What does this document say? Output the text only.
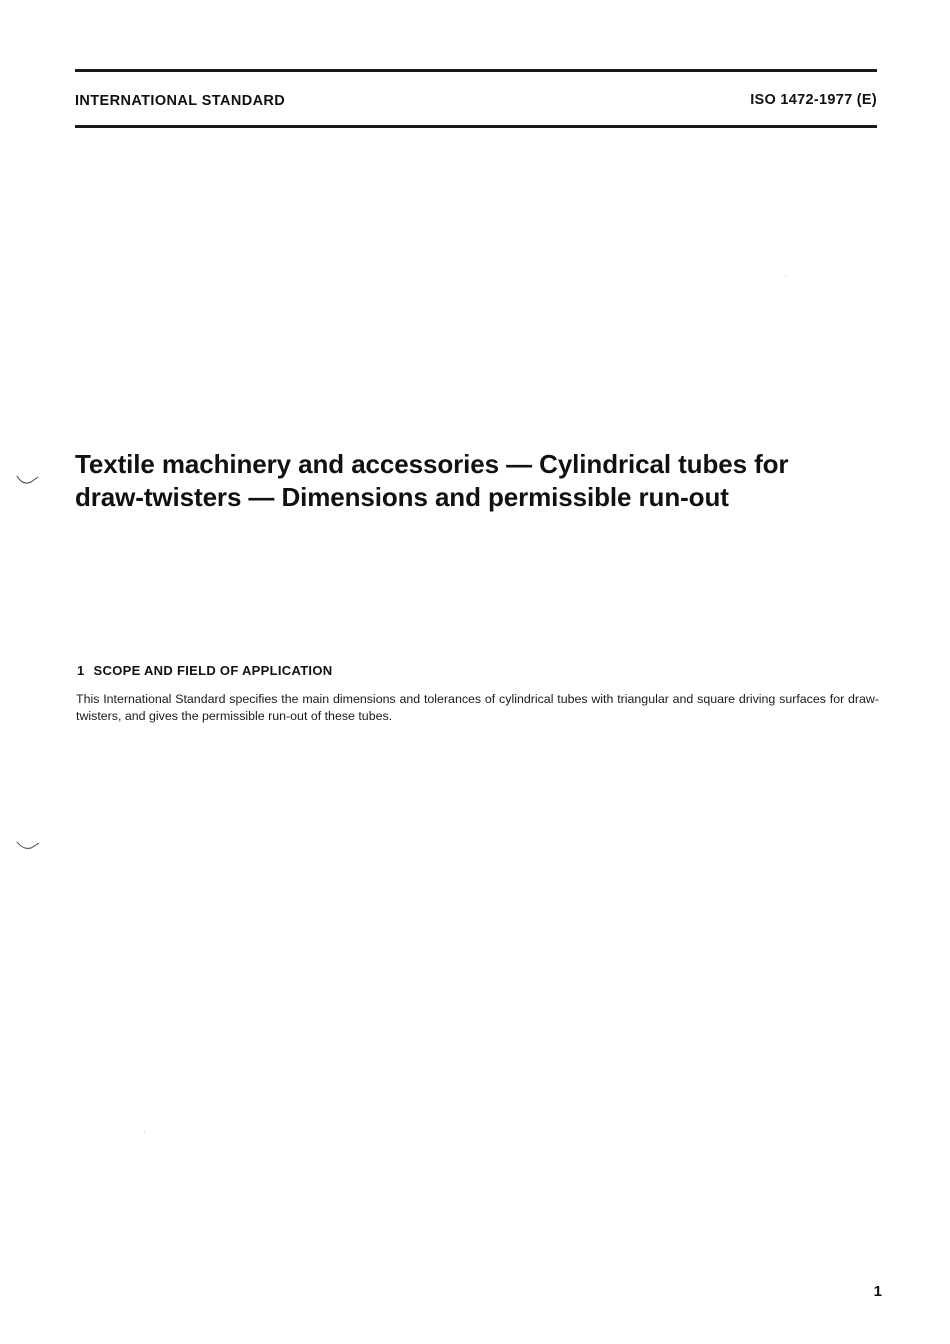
INTERNATIONAL STANDARD	ISO 1472-1977 (E)
Textile machinery and accessories — Cylindrical tubes for
draw-twisters — Dimensions and permissible run-out
1 SCOPE AND FIELD OF APPLICATION

This International Standard specifies the main dimensions and tolerances of cylindrical tubes with triangular and square driving surfaces for draw-twisters, and gives the permissible run-out of these tubes.

1
